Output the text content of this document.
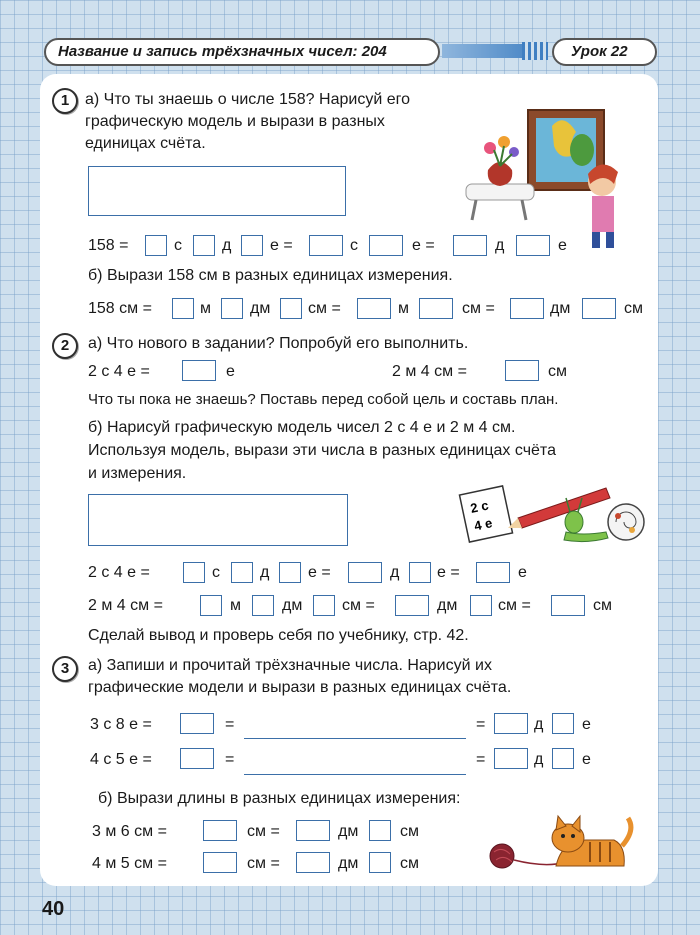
Название и запись трёхзначных чисел: 204	Урок 22
1 а) Что ты знаешь о числе 158? Нарисуй его
графическую модель и вырази в разных
единицах счёта.
158 =	с	д е =	с	е =	д	е
б) Вырази 158 см в разных единицах измерения.
158 см =	м дм см =	м	см =	дм	см
2	а) Что нового в задании? Попробуй его выполнить.
2 с 4 е =	е	2 м 4 см =	см
Что ты пока не знаешь? Поставь перед собой цель и составь план.
б) Нарисуй графическую модель чисел 2 с 4 е и 2 м 4 см.
Используя модель, вырази эти числа в разных единицах счёта
и измерения.
2 с
4 е
2 с 4 е =	с	д е =	д е =	е
2 м 4 см =	м	дм см =	дм	см =	см
Сделай вывод и проверь себя по учебнику, стр. 42.
3	а) Запиши и прочитай трёхзначные числа. Нарисуй их
графические модели и вырази в разных единицах счёта.
3 с 8 е =	=	=	д е
4 с 5 е =	=	=	д е
б) Вырази длины в разных единицах измерения:
3 м 6 см =	см =	дм	см
4 м 5 см =	см =	дм	см
40
